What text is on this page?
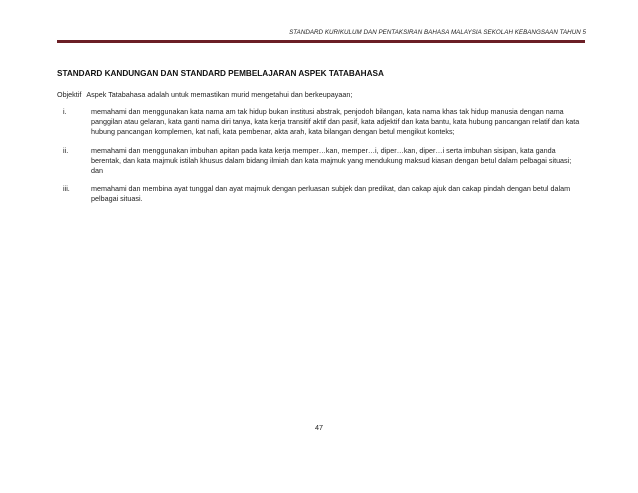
STANDARD KURIKULUM DAN PENTAKSIRAN BAHASA MALAYSIA SEKOLAH KEBANGSAAN TAHUN 5
STANDARD KANDUNGAN DAN STANDARD PEMBELAJARAN ASPEK TATABAHASA
Objektif Aspek Tatabahasa adalah untuk memastikan murid mengetahui dan berkeupayaan;
i.	memahami dan menggunakan kata nama am tak hidup bukan institusi abstrak, penjodoh bilangan, kata nama khas tak hidup manusia dengan nama panggilan atau gelaran, kata ganti nama diri tanya, kata kerja transitif aktif dan pasif, kata adjektif dan kata bantu, kata hubung pancangan relatif dan kata hubung pancangan komplemen, kat nafi, kata pembenar, akta arah, kata bilangan dengan betul mengikut konteks;
ii.	memahami dan menggunakan imbuhan apitan pada kata kerja memper…kan, memper…i, diper…kan, diper…i serta imbuhan sisipan, kata ganda berentak, dan kata majmuk istilah khusus dalam bidang ilmiah dan kata majmuk yang mendukung maksud kiasan dengan betul dalam pelbagai situasi; dan
iii.	memahami dan membina ayat tunggal dan ayat majmuk dengan perluasan subjek dan predikat, dan cakap ajuk dan cakap pindah dengan betul dalam pelbagai situasi.
47
